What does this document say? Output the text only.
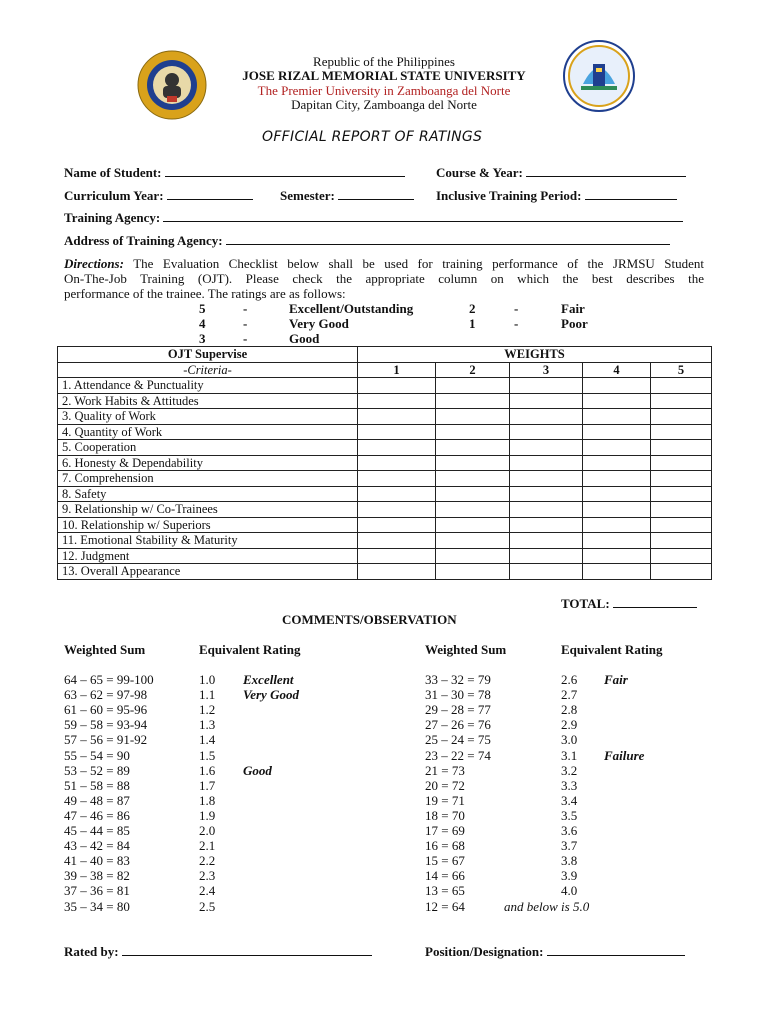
Republic of the Philippines
JOSE RIZAL MEMORIAL STATE UNIVERSITY
The Premier University in Zamboanga del Norte
Dapitan City, Zamboanga del Norte
OFFICIAL REPORT OF RATINGS
Name of Student:	Course & Year:
Curriculum Year:	Semester:	Inclusive Training Period:
Training Agency:
Address of Training Agency:
Directions: The Evaluation Checklist below shall be used for training performance of the JRMSU Student
On-The-Job Training (OJT). Please check the appropriate column on which the best describes the
performance of the trainee. The ratings are as follows:
5	-	Excellent/Outstanding
4	-	Very Good
3	-	Good
2	-	Fair
1	-	Poor
OJT Supervise	WEIGHTS				
-Criteria-	1	2	3	4	5
1. Attendance & Punctuality					
2. Work Habits & Attitudes					
3. Quality of Work					
4. Quantity of Work					
5. Cooperation					
6. Honesty & Dependability					
7. Comprehension					
8. Safety					
9. Relationship w/ Co-Trainees					
10. Relationship w/ Superiors					
11. Emotional Stability & Maturity					
12. Judgment					
13. Overall Appearance					
TOTAL:
COMMENTS/OBSERVATION
Weighted Sum	Equivalent Rating	Weighted Sum	Equivalent Rating
64 – 65 = 99-100	1.0 Excellent
63 – 62 = 97-98	1.1 Very Good
61 – 60 = 95-96	1.2
59 – 58 = 93-94	1.3
57 – 56 = 91-92	1.4
55 – 54 = 90	1.5
53 – 52 = 89	1.6 Good
51 – 58 = 88	1.7
49 – 48 = 87	1.8
47 – 46 = 86	1.9
45 – 44 = 85	2.0
43 – 42 = 84	2.1
41 – 40 = 83	2.2
39 – 38 = 82	2.3
37 – 36 = 81	2.4
35 – 34 = 80	2.5
33 – 32 = 79	2.6 Fair
31 – 30 = 78	2.7
29 – 28 = 77	2.8
27 – 26 = 76	2.9
25 – 24 = 75	3.0
23 – 22 = 74	3.1 Failure
21 = 73	3.2
20 = 72	3.3
19 = 71	3.4
18 = 70	3.5
17 = 69	3.6
16 = 68	3.7
15 = 67	3.8
14 = 66	3.9
13 = 65	4.0
12 = 64	and below is 5.0
Rated by:	Position/Designation:
